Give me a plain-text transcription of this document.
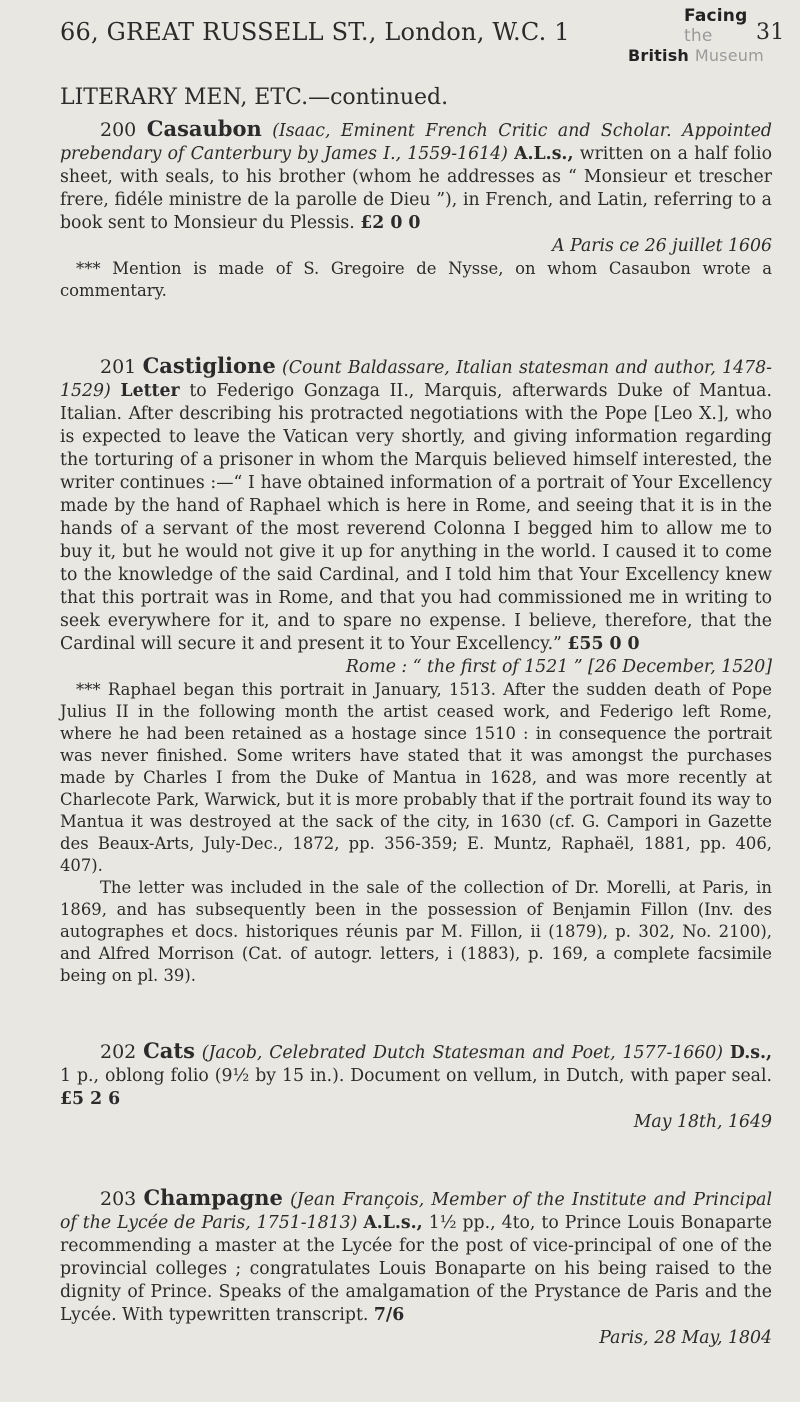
66, GREAT RUSSELL ST., London, W.C. 1
Facing the
British Museum
31
LITERARY MEN, ETC.—continued.

200 Casaubon (Isaac, Eminent French Critic and Scholar. Appointed prebendary of Canterbury by James I., 1559-1614) A.L.s., written on a half folio sheet, with seals, to his brother (whom he addresses as “ Monsieur et trescher frere, fidéle ministre de la parolle de Dieu ”), in French, and Latin, referring to a book sent to Monsieur du Plessis. £2 0 0

A Paris ce 26 juillet 1606

*** Mention is made of S. Gregoire de Nysse, on whom Casaubon wrote a commentary.

201 Castiglione (Count Baldassare, Italian statesman and author, 1478-1529) Letter to Federigo Gonzaga II., Marquis, afterwards Duke of Mantua. Italian. After describing his protracted negotiations with the Pope [Leo X.], who is expected to leave the Vatican very shortly, and giving information regarding the torturing of a prisoner in whom the Marquis believed himself interested, the writer continues :—“ I have obtained information of a portrait of Your Excellency made by the hand of Raphael which is here in Rome, and seeing that it is in the hands of a servant of the most reverend Colonna I begged him to allow me to buy it, but he would not give it up for anything in the world. I caused it to come to the knowledge of the said Cardinal, and I told him that Your Excellency knew that this portrait was in Rome, and that you had commissioned me in writing to seek everywhere for it, and to spare no expense. I believe, therefore, that the Cardinal will secure it and present it to Your Excellency.” £55 0 0

Rome : “ the first of 1521 ” [26 December, 1520]

*** Raphael began this portrait in January, 1513. After the sudden death of Pope Julius II in the following month the artist ceased work, and Federigo left Rome, where he had been retained as a hostage since 1510 : in consequence the portrait was never finished. Some writers have stated that it was amongst the purchases made by Charles I from the Duke of Mantua in 1628, and was more recently at Charlecote Park, Warwick, but it is more probably that if the portrait found its way to Mantua it was destroyed at the sack of the city, in 1630 (cf. G. Campori in Gazette des Beaux-Arts, July-Dec., 1872, pp. 356-359; E. Muntz, Raphaël, 1881, pp. 406, 407).

The letter was included in the sale of the collection of Dr. Morelli, at Paris, in 1869, and has subsequently been in the possession of Benjamin Fillon (Inv. des autographes et docs. historiques réunis par M. Fillon, ii (1879), p. 302, No. 2100), and Alfred Morrison (Cat. of autogr. letters, i (1883), p. 169, a complete facsimile being on pl. 39).

202 Cats (Jacob, Celebrated Dutch Statesman and Poet, 1577-1660) D.s., 1 p., oblong folio (9½ by 15 in.). Document on vellum, in Dutch, with paper seal. £5 2 6

May 18th, 1649

203 Champagne (Jean François, Member of the Institute and Principal of the Lycée de Paris, 1751-1813) A.L.s., 1½ pp., 4to, to Prince Louis Bonaparte recommending a master at the Lycée for the post of vice-principal of one of the provincial colleges ; congratulates Louis Bonaparte on his being raised to the dignity of Prince. Speaks of the amalgamation of the Prystance de Paris and the Lycée. With typewritten transcript. 7/6

Paris, 28 May, 1804
